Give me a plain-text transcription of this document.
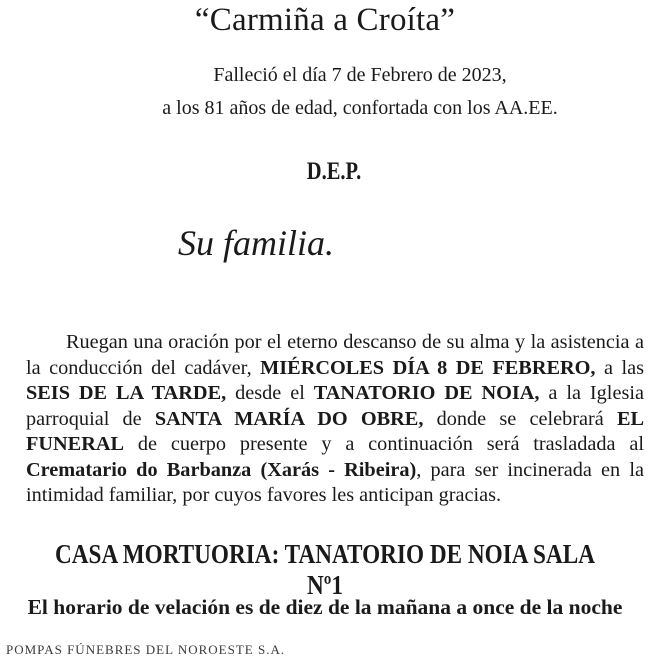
“Carmiña a Croíta”
Falleció el día 7 de Febrero de 2023,
a los 81 años de edad, confortada con los AA.EE.
D.E.P.
Su familia.

Ruegan una oración por el eterno descanso de su alma y la asistencia a la conducción del cadáver, MIÉRCOLES DÍA 8 DE FEBRERO, a las SEIS DE LA TARDE, desde el TANATORIO DE NOIA, a la Iglesia parroquial de SANTA MARÍA DO OBRE, donde se celebrará EL FUNERAL de cuerpo presente y a continuación será trasladada al Crematario do Barbanza (Xarás - Ribeira), para ser incinerada en la intimidad familiar, por cuyos favores les anticipan gracias.

CASA MORTUORIA: TANATORIO DE NOIA SALA Nº1
El horario de velación es de diez de la mañana a once de la noche
POMPAS FÚNEBRES DEL NOROESTE S.A.
